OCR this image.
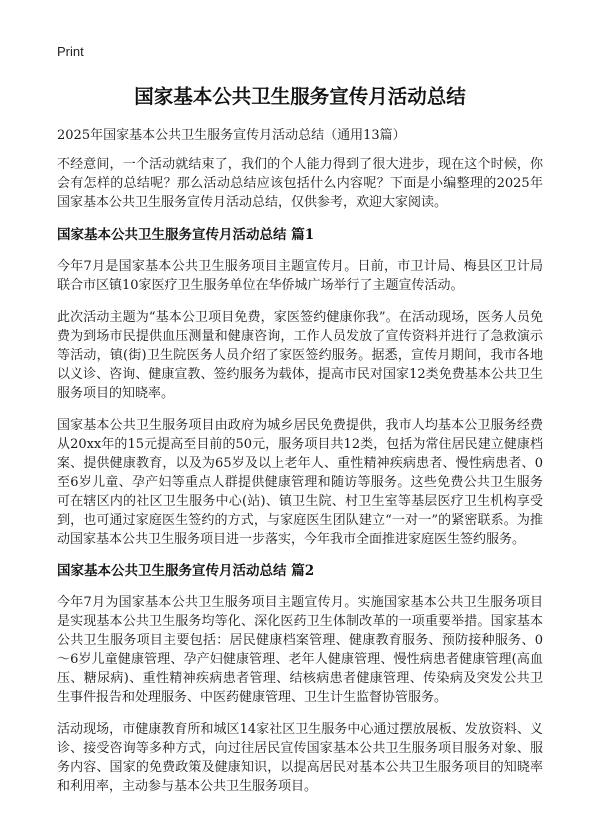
Print
国家基本公共卫生服务宣传月活动总结

2025年国家基本公共卫生服务宣传月活动总结（通用13篇）

不经意间，一个活动就结束了，我们的个人能力得到了很大进步，现在这个时候，你会有怎样的总结呢？那么活动总结应该包括什么内容呢？下面是小编整理的2025年国家基本公共卫生服务宣传月活动总结，仅供参考，欢迎大家阅读。

国家基本公共卫生服务宣传月活动总结 篇1

今年7月是国家基本公共卫生服务项目主题宣传月。日前，市卫计局、梅县区卫计局联合市区镇10家医疗卫生服务单位在华侨城广场举行了主题宣传活动。

此次活动主题为“基本公卫项目免费，家医签约健康你我”。在活动现场，医务人员免费为到场市民提供血压测量和健康咨询，工作人员发放了宣传资料并进行了急救演示等活动，镇(街)卫生院医务人员介绍了家医签约服务。据悉，宣传月期间，我市各地以义诊、咨询、健康宣教、签约服务为载体，提高市民对国家12类免费基本公共卫生服务项目的知晓率。

国家基本公共卫生服务项目由政府为城乡居民免费提供，我市人均基本公卫服务经费从20xx年的15元提高至目前的50元，服务项目共12类，包括为常住居民建立健康档案、提供健康教育，以及为65岁及以上老年人、重性精神疾病患者、慢性病患者、0至6岁儿童、孕产妇等重点人群提供健康管理和随访等服务。这些免费公共卫生服务可在辖区内的社区卫生服务中心(站)、镇卫生院、村卫生室等基层医疗卫生机构享受到，也可通过家庭医生签约的方式，与家庭医生团队建立“一对一”的紧密联系。为推动国家基本公共卫生服务项目进一步落实，今年我市全面推进家庭医生签约服务。

国家基本公共卫生服务宣传月活动总结 篇2

今年7月为国家基本公共卫生服务项目主题宣传月。实施国家基本公共卫生服务项目是实现基本公共卫生服务均等化、深化医药卫生体制改革的一项重要举措。国家基本公共卫生服务项目主要包括：居民健康档案管理、健康教育服务、预防接种服务、0～6岁儿童健康管理、孕产妇健康管理、老年人健康管理、慢性病患者健康管理(高血压、糖尿病)、重性精神疾病患者管理、结核病患者健康管理、传染病及突发公共卫生事件报告和处理服务、中医药健康管理、卫生计生监督协管服务。

活动现场，市健康教育所和城区14家社区卫生服务中心通过摆放展板、发放资料、义诊、接受咨询等多种方式，向过往居民宣传国家基本公共卫生服务项目服务对象、服务内容、国家的免费政策及健康知识，以提高居民对基本公共卫生服务项目的知晓率和利用率，主动参与基本公共卫生服务项目。
